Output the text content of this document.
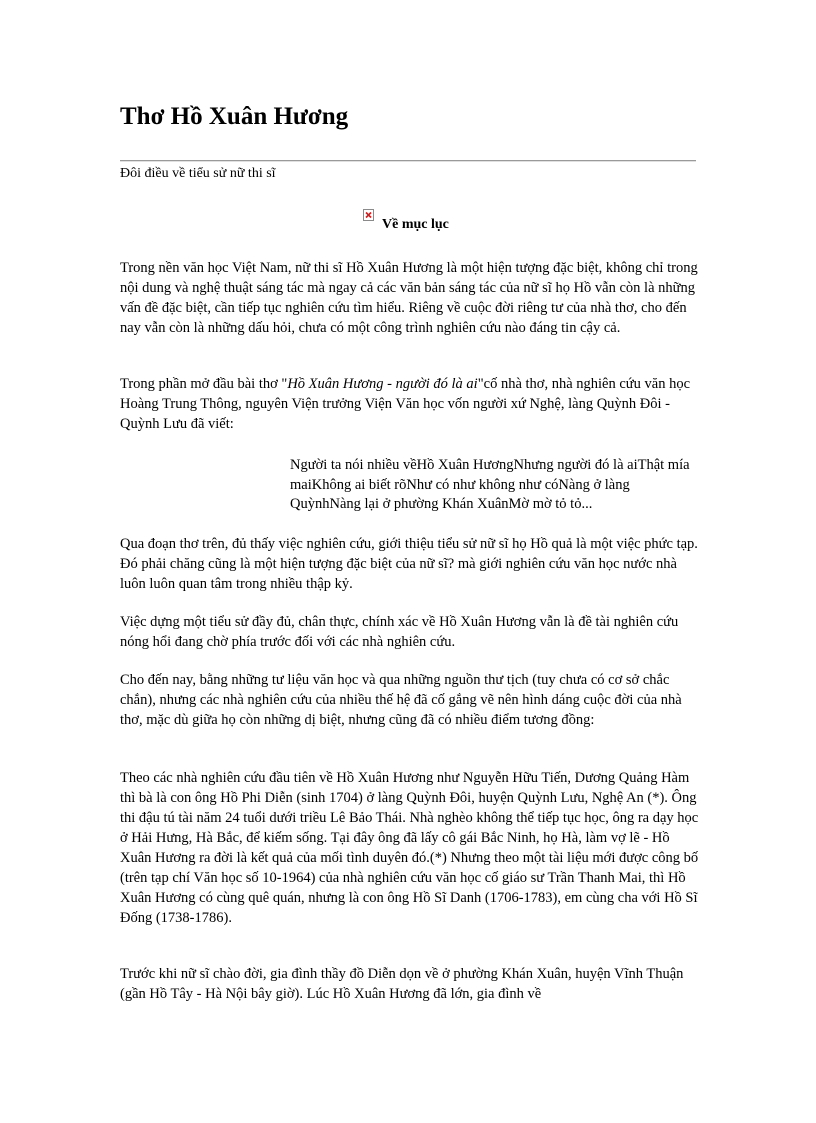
Thơ Hồ Xuân Hương

Đôi điều về tiểu sử nữ thi sĩ

Về mục lục

Trong nền văn học Việt Nam, nữ thi sĩ Hồ Xuân Hương là một hiện tượng đặc biệt, không chỉ trong nội dung và nghệ thuật sáng tác mà ngay cả các văn bản sáng tác của nữ sĩ họ Hồ vẫn còn là những vấn đề đặc biệt, cần tiếp tục nghiên cứu tìm hiểu. Riêng về cuộc đời riêng tư của nhà thơ, cho đến nay vẫn còn là những dấu hỏi, chưa có một công trình nghiên cứu nào đáng tin cậy cả.

Trong phần mở đầu bài thơ "Hồ Xuân Hương - người đó là ai"cố nhà thơ, nhà nghiên cứu văn học Hoàng Trung Thông, nguyên Viện trưởng Viện Văn học vốn người xứ Nghệ, làng Quỳnh Đôi - Quỳnh Lưu đã viết:

Người ta nói nhiều vềHồ Xuân HươngNhưng người đó là aiThật mía maiKhông ai biết rõNhư có như không như cóNàng ở làng QuỳnhNàng lại ở phường Khán XuânMờ mờ tỏ tỏ...

Qua đoạn thơ trên, đủ thấy việc nghiên cứu, giới thiệu tiểu sử nữ sĩ họ Hồ quả là một việc phức tạp. Đó phải chăng cũng là một hiện tượng đặc biệt của nữ sĩ? mà giới nghiên cứu văn học nước nhà luôn luôn quan tâm trong nhiều thập kỷ.

Việc dựng một tiểu sử đầy đủ, chân thực, chính xác về Hồ Xuân Hương vẫn là đề tài nghiên cứu nóng hổi đang chờ phía trước đối với các nhà nghiên cứu.

Cho đến nay, bằng những tư liệu văn học và qua những nguồn thư tịch (tuy chưa có cơ sở chắc chắn), nhưng các nhà nghiên cứu của nhiều thế hệ đã cố gắng vẽ nên hình dáng cuộc đời của nhà thơ, mặc dù giữa họ còn những dị biệt, nhưng cũng đã có nhiều điểm tương đồng:

Theo các nhà nghiên cứu đầu tiên về Hồ Xuân Hương như Nguyễn Hữu Tiến, Dương Quảng Hàm thì bà là con ông Hồ Phi Diễn (sinh 1704) ở làng Quỳnh Đôi, huyện Quỳnh Lưu, Nghệ An (*). Ông thi đậu tú tài năm 24 tuổi dưới triều Lê Bảo Thái. Nhà nghèo không thể tiếp tục học, ông ra dạy học ở Hải Hưng, Hà Bắc, để kiếm sống. Tại đây ông đã lấy cô gái Bắc Ninh, họ Hà, làm vợ lẽ - Hồ Xuân Hương ra đời là kết quả của mối tình duyên đó.(*) Nhưng theo một tài liệu mới được công bố (trên tạp chí Văn học số 10-1964) của nhà nghiên cứu văn học cố giáo sư Trần Thanh Mai, thì Hồ Xuân Hương có cùng quê quán, nhưng là con ông Hồ Sĩ Danh (1706-1783), em cùng cha với Hồ Sĩ Đống (1738-1786).

Trước khi nữ sĩ chào đời, gia đình thầy đồ Diễn dọn về ở phường Khán Xuân, huyện Vĩnh Thuận (gần Hồ Tây - Hà Nội bây giờ). Lúc Hồ Xuân Hương đã lớn, gia đình về
